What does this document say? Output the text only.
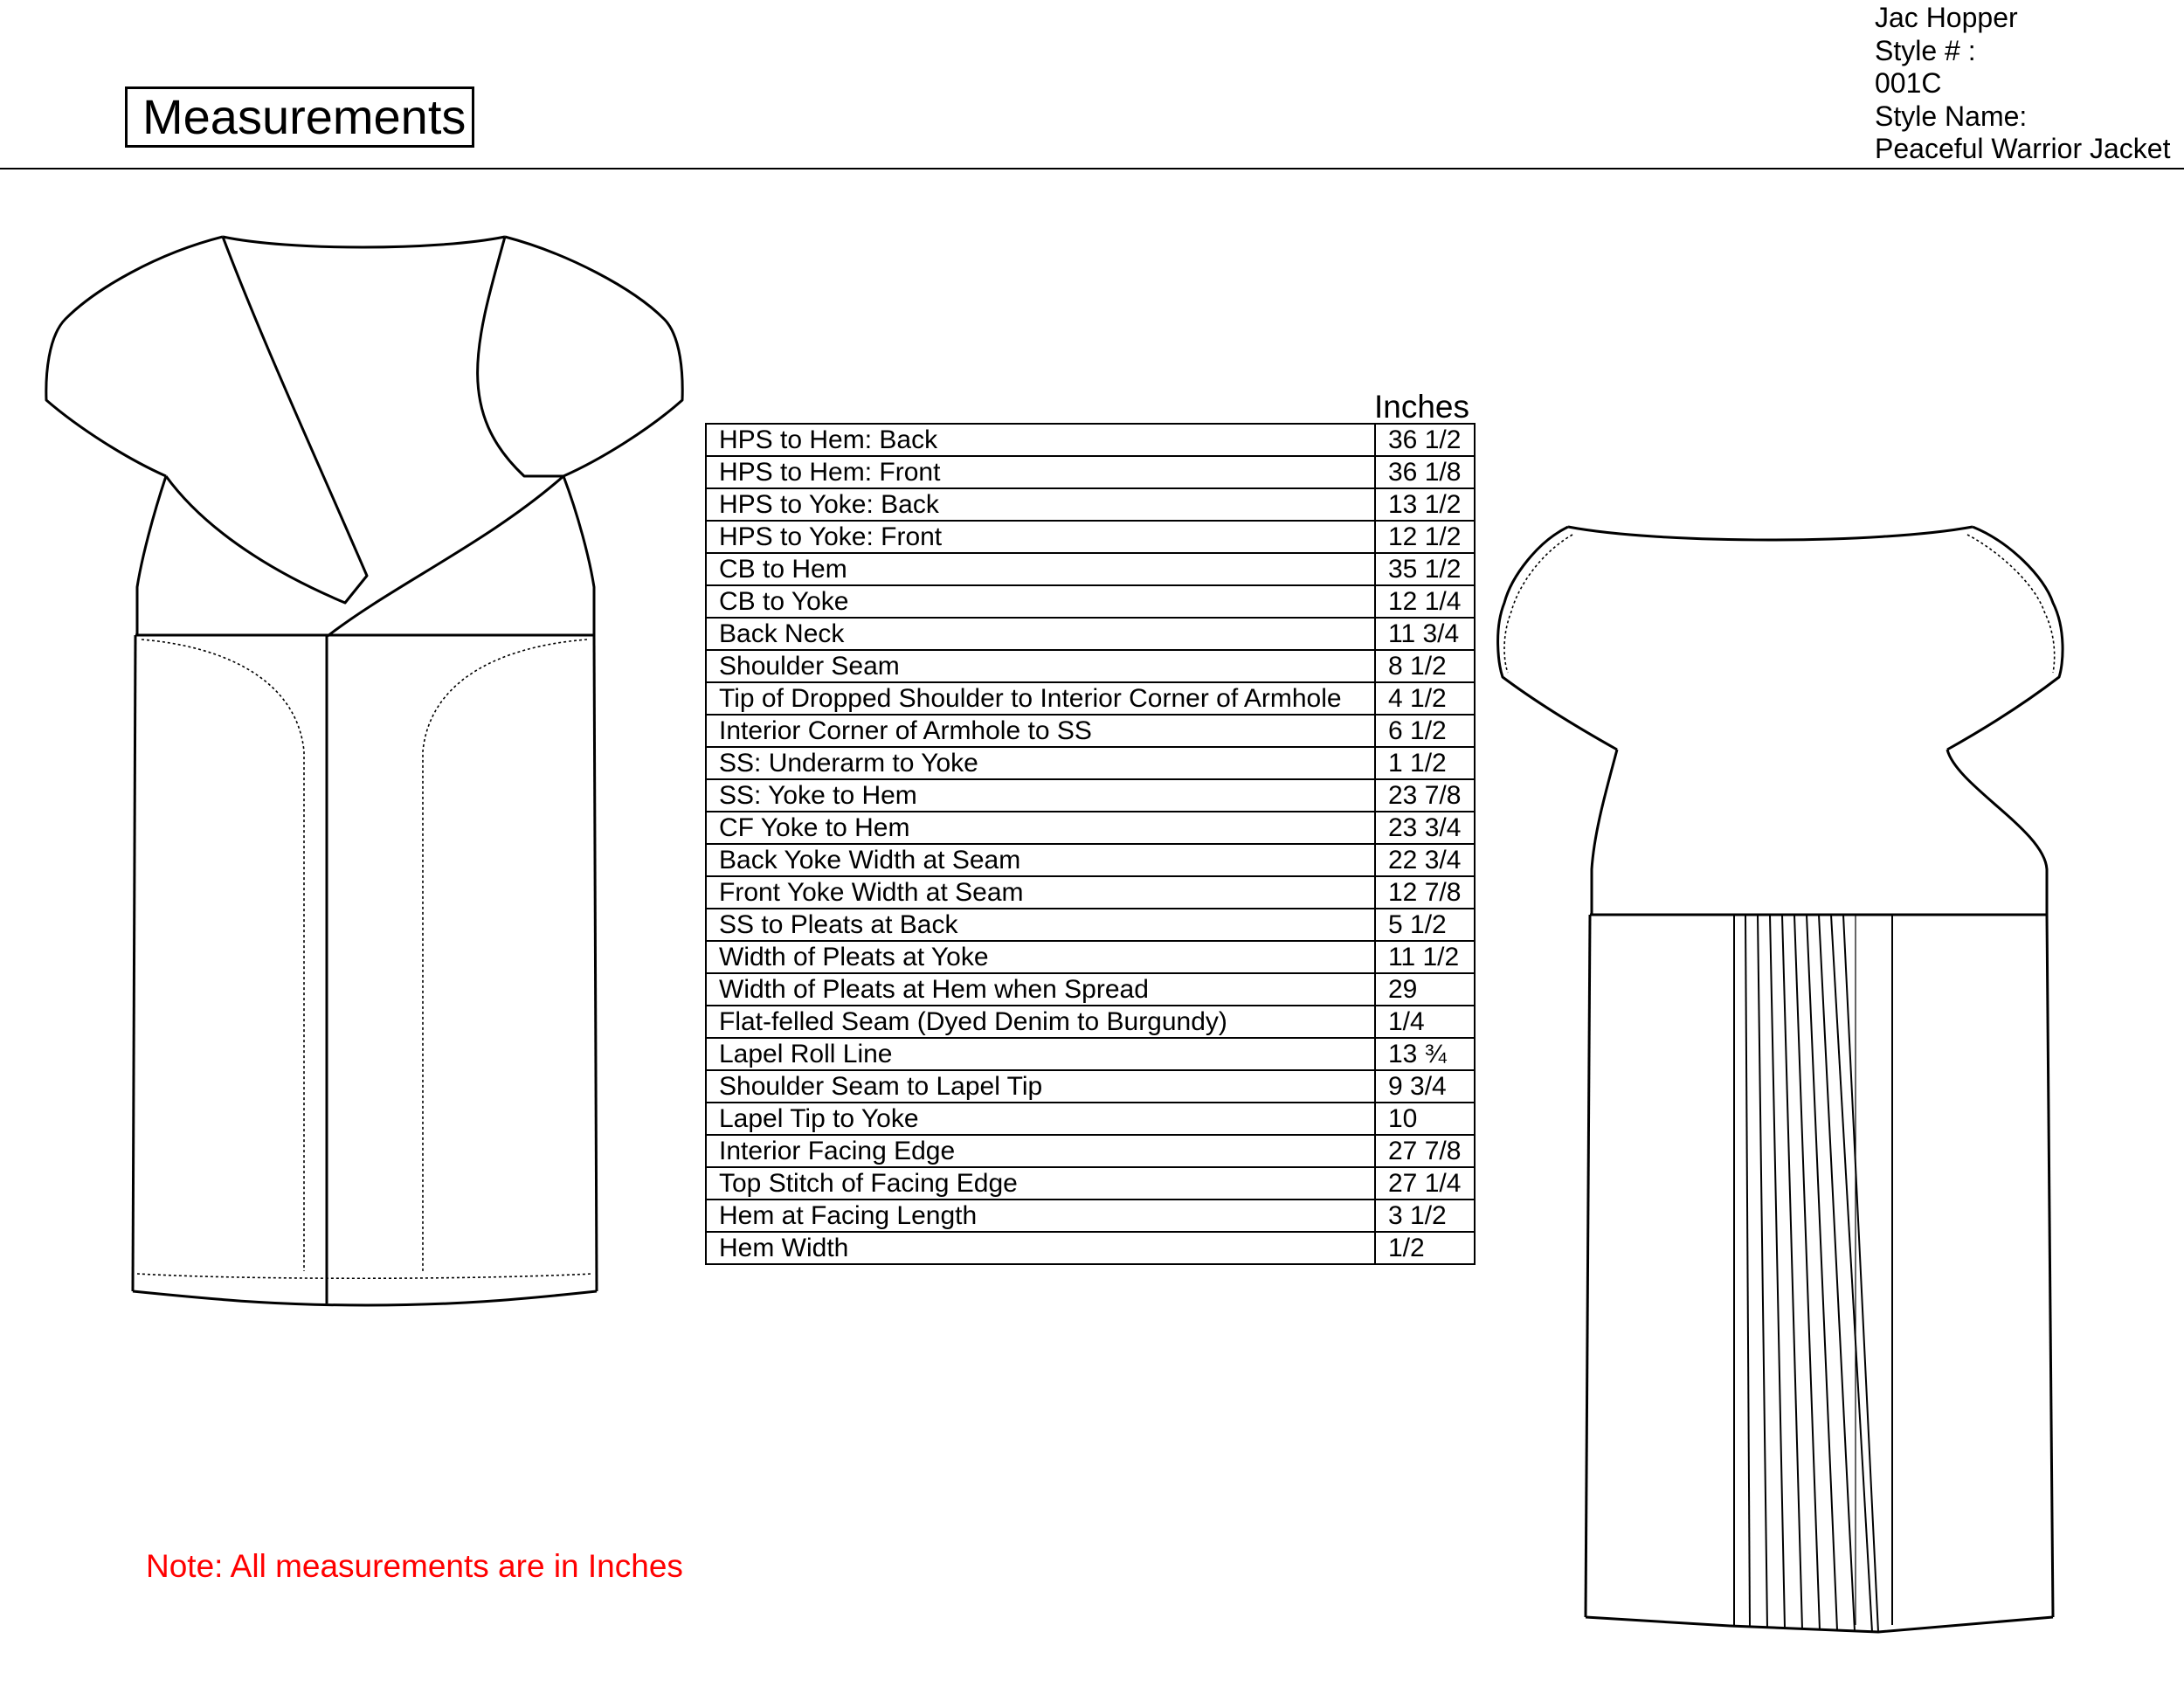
Measurements
Jac Hopper
Style # :
001C
Style Name:
Peaceful Warrior Jacket
Inches
HPS to Hem: Back	36 1/2
HPS to Hem: Front	36 1/8
HPS to Yoke: Back	13 1/2
HPS to Yoke: Front	12 1/2
CB to Hem	35 1/2
CB to Yoke	12 1/4
Back Neck	11 3/4
Shoulder Seam	8 1/2
Tip of Dropped Shoulder to Interior Corner of Armhole	4 1/2
Interior Corner of Armhole to SS	6 1/2
SS: Underarm to Yoke	1 1/2
SS: Yoke to Hem	23 7/8
CF Yoke to Hem	23 3/4
Back Yoke Width at Seam	22 3/4
Front Yoke Width at Seam	12 7/8
SS to Pleats at Back	5 1/2
Width of Pleats at Yoke	11 1/2
Width of Pleats at Hem when Spread	29
Flat-felled Seam (Dyed Denim to Burgundy)	1/4
Lapel Roll Line	13 ¾
Shoulder Seam to Lapel Tip	9 3/4
Lapel Tip to Yoke	10
Interior Facing Edge	27 7/8
Top Stitch of Facing Edge	27 1/4
Hem at Facing Length	3 1/2
Hem Width	1/2
Note: All measurements are in Inches
